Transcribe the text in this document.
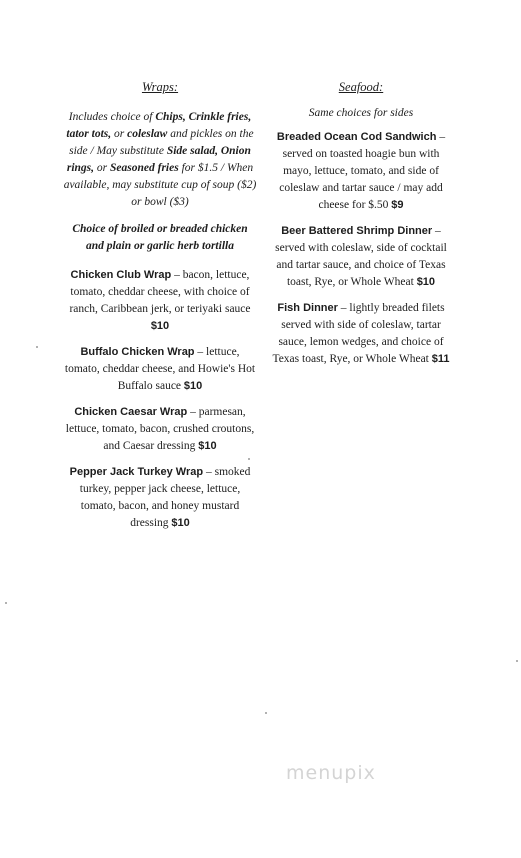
Wraps:
Includes choice of Chips, Crinkle fries, tator tots, or coleslaw and pickles on the side / May substitute Side salad, Onion rings, or Seasoned fries for $1.5 / When available, may substitute cup of soup ($2) or bowl ($3)
Choice of broiled or breaded chicken and plain or garlic herb tortilla
Chicken Club Wrap – bacon, lettuce, tomato, cheddar cheese, with choice of ranch, Caribbean jerk, or teriyaki sauce $10
Buffalo Chicken Wrap – lettuce, tomato, cheddar cheese, and Howie's Hot Buffalo sauce $10
Chicken Caesar Wrap – parmesan, lettuce, tomato, bacon, crushed croutons, and Caesar dressing $10
Pepper Jack Turkey Wrap – smoked turkey, pepper jack cheese, lettuce, tomato, bacon, and honey mustard dressing $10
Seafood:
Same choices for sides
Breaded Ocean Cod Sandwich – served on toasted hoagie bun with mayo, lettuce, tomato, and side of coleslaw and tartar sauce / may add cheese for $.50 $9
Beer Battered Shrimp Dinner – served with coleslaw, side of cocktail and tartar sauce, and choice of Texas toast, Rye, or Whole Wheat $10
Fish Dinner – lightly breaded filets served with side of coleslaw, tartar sauce, lemon wedges, and choice of Texas toast, Rye, or Whole Wheat $11
menupix
